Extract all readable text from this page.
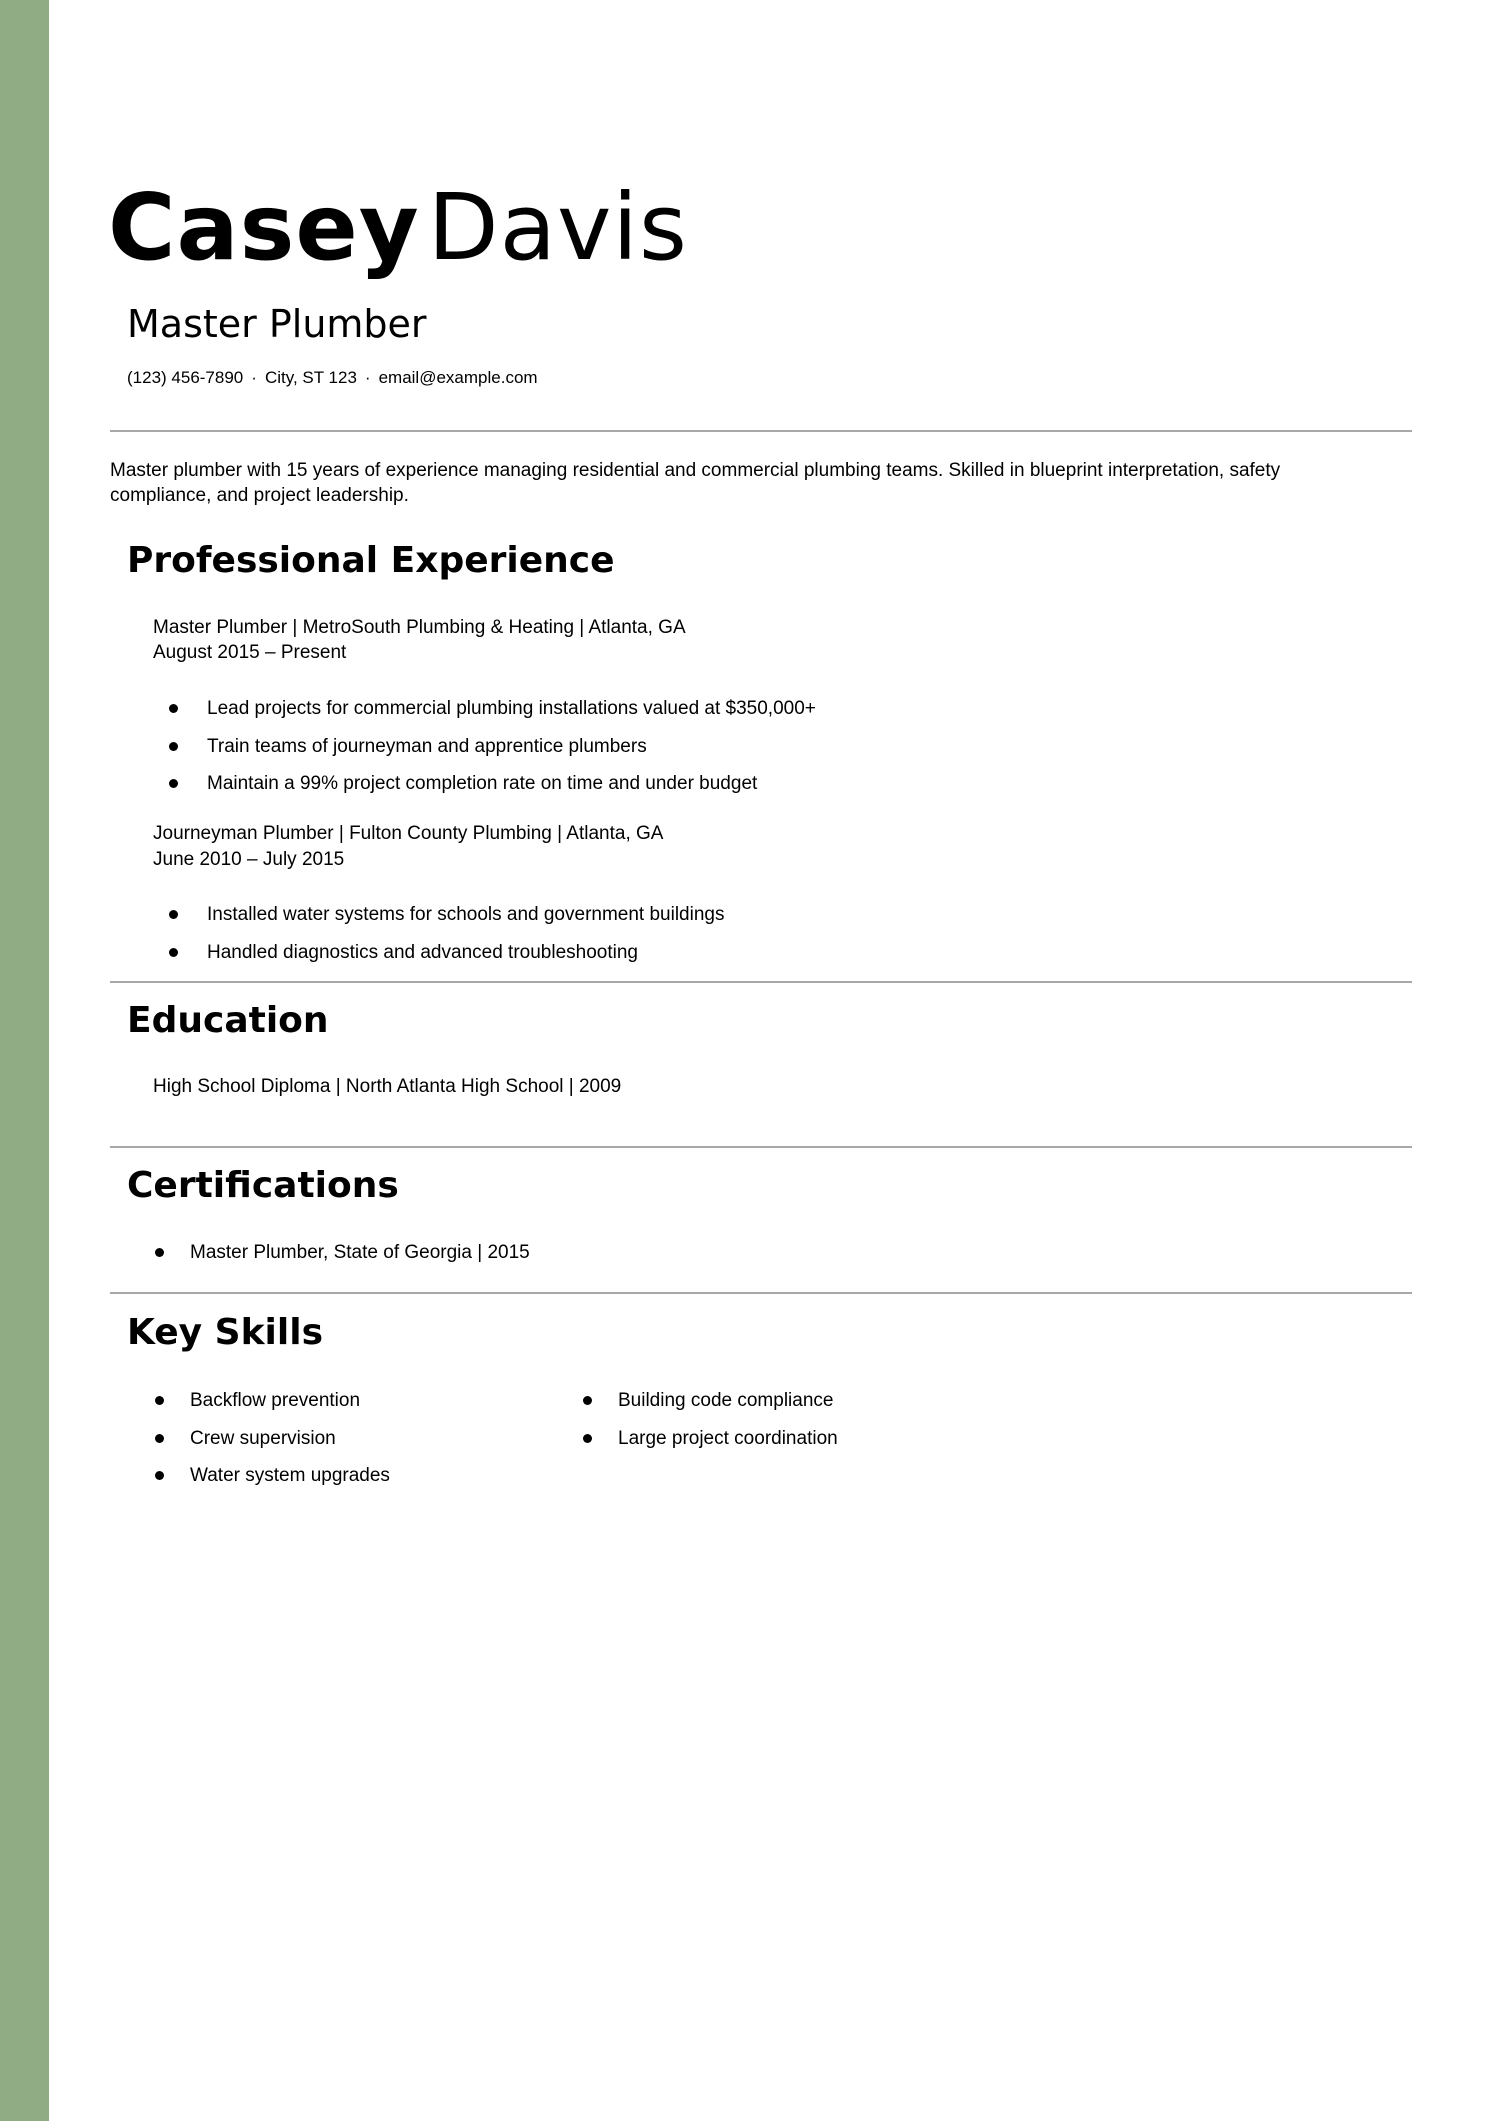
CaseyDavis
Master Plumber
(123) 456-7890 · City, ST 123 · email@example.com

Master plumber with 15 years of experience managing residential and commercial plumbing teams. Skilled in blueprint interpretation, safety compliance, and project leadership.

Professional Experience
Master Plumber | MetroSouth Plumbing & Heating | Atlanta, GA
August 2015 – Present
Lead projects for commercial plumbing installations valued at $350,000+
Train teams of journeyman and apprentice plumbers
Maintain a 99% project completion rate on time and under budget
Journeyman Plumber | Fulton County Plumbing | Atlanta, GA
June 2010 – July 2015
Installed water systems for schools and government buildings
Handled diagnostics and advanced troubleshooting
Education
High School Diploma | North Atlanta High School | 2009
Certifications
Master Plumber, State of Georgia | 2015
Key Skills
Backflow prevention
Crew supervision
Water system upgrades
Building code compliance
Large project coordination
